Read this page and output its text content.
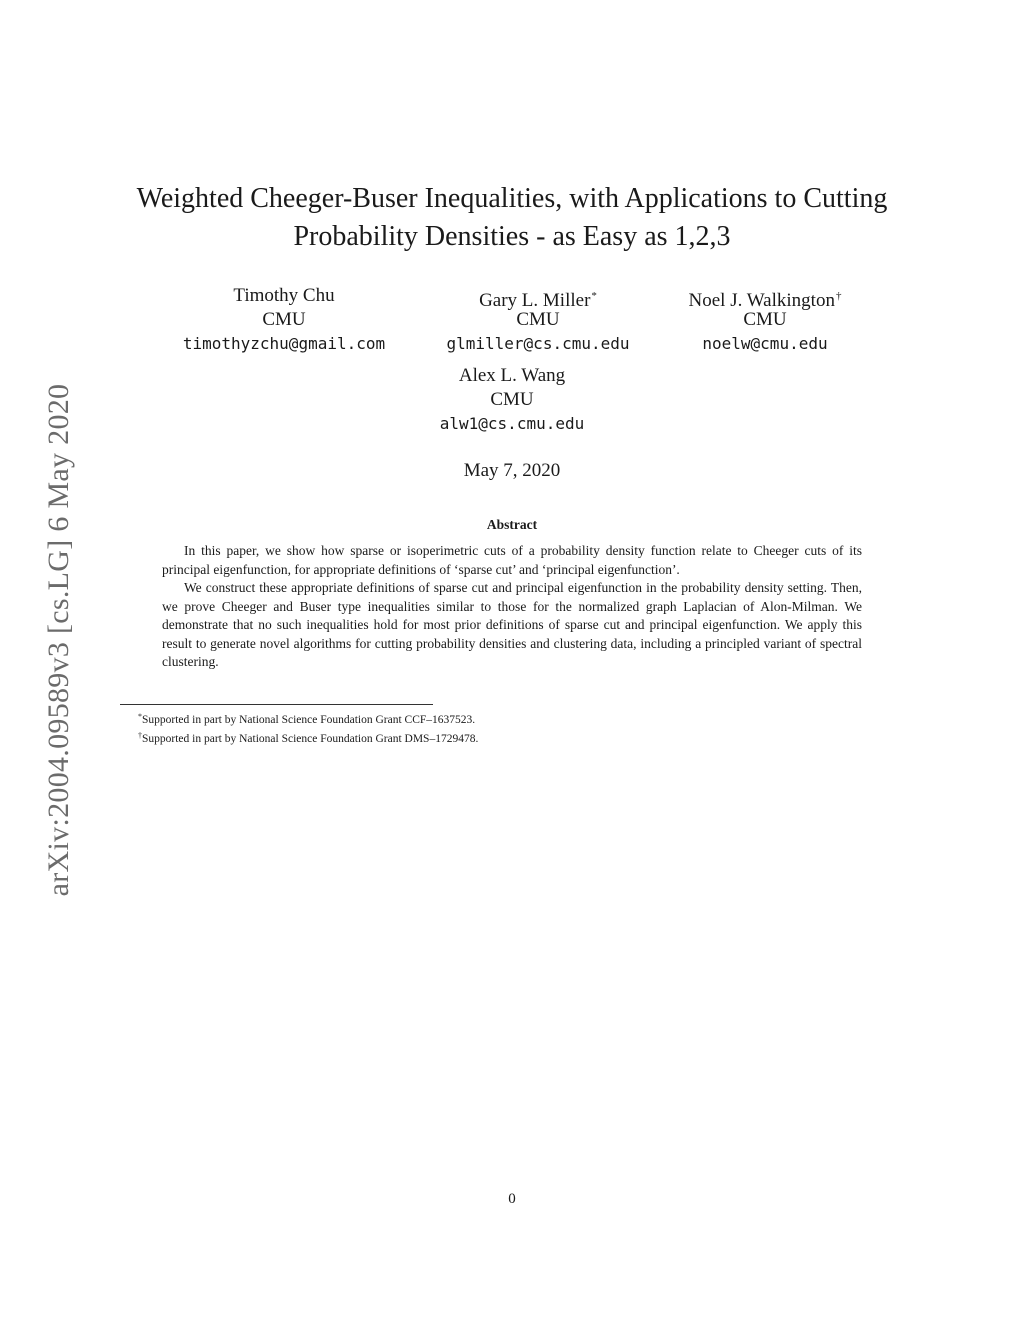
arXiv:2004.09589v3 [cs.LG] 6 May 2020
Weighted Cheeger-Buser Inequalities, with Applications to Cutting
Probability Densities - as Easy as 1,2,3
Timothy Chu
CMU
timothyzchu@gmail.com
Gary L. Miller*
CMU
glmiller@cs.cmu.edu
Noel J. Walkington†
CMU
noelw@cmu.edu
Alex L. Wang
CMU
alw1@cs.cmu.edu
May 7, 2020
Abstract

In this paper, we show how sparse or isoperimetric cuts of a probability density function relate to Cheeger cuts of its principal eigenfunction, for appropriate definitions of ‘sparse cut’ and ‘principal eigenfunction’.

We construct these appropriate definitions of sparse cut and principal eigenfunction in the probability density setting. Then, we prove Cheeger and Buser type inequalities similar to those for the normalized graph Laplacian of Alon-Milman. We demonstrate that no such inequalities hold for most prior definitions of sparse cut and principal eigenfunction. We apply this result to generate novel algorithms for cutting probability densities and clustering data, including a principled variant of spectral clustering.

*Supported in part by National Science Foundation Grant CCF–1637523.
†Supported in part by National Science Foundation Grant DMS–1729478.
0
